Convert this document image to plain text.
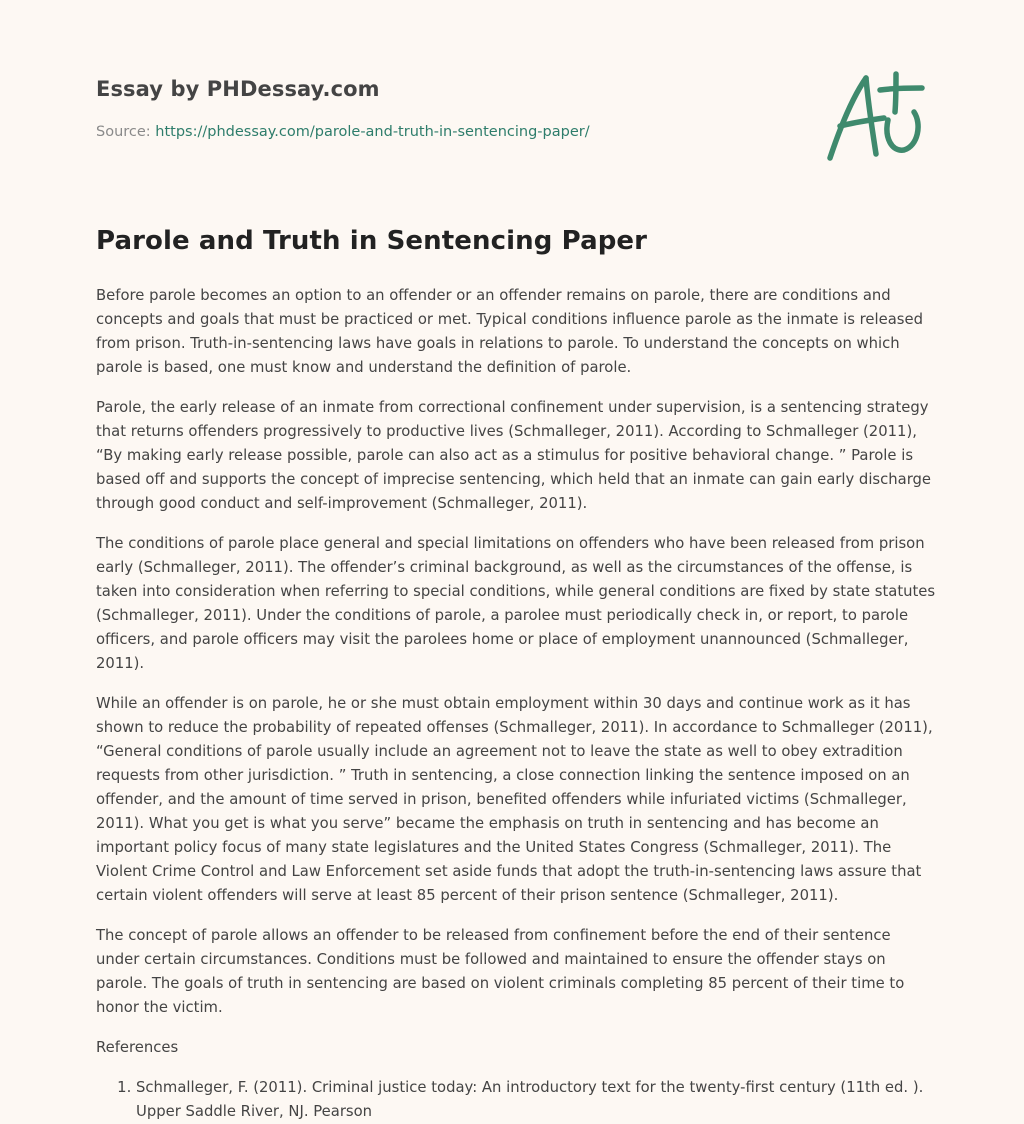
Essay by PHDessay.com
Source: https://phdessay.com/parole-and-truth-in-sentencing-paper/
A+
Parole and Truth in Sentencing Paper

Before parole becomes an option to an offender or an offender remains on parole, there are conditions and concepts and goals that must be practiced or met. Typical conditions influence parole as the inmate is released from prison. Truth-in-sentencing laws have goals in relations to parole. To understand the concepts on which parole is based, one must know and understand the definition of parole.

Parole, the early release of an inmate from correctional confinement under supervision, is a sentencing strategy that returns offenders progressively to productive lives (Schmalleger, 2011). According to Schmalleger (2011), “By making early release possible, parole can also act as a stimulus for positive behavioral change. ” Parole is based off and supports the concept of imprecise sentencing, which held that an inmate can gain early discharge through good conduct and self-improvement (Schmalleger, 2011).

The conditions of parole place general and special limitations on offenders who have been released from prison early (Schmalleger, 2011). The offender’s criminal background, as well as the circumstances of the offense, is taken into consideration when referring to special conditions, while general conditions are fixed by state statutes (Schmalleger, 2011). Under the conditions of parole, a parolee must periodically check in, or report, to parole officers, and parole officers may visit the parolees home or place of employment unannounced (Schmalleger, 2011).

While an offender is on parole, he or she must obtain employment within 30 days and continue work as it has shown to reduce the probability of repeated offenses (Schmalleger, 2011). In accordance to Schmalleger (2011), “General conditions of parole usually include an agreement not to leave the state as well to obey extradition requests from other jurisdiction. ” Truth in sentencing, a close connection linking the sentence imposed on an offender, and the amount of time served in prison, benefited offenders while infuriated victims (Schmalleger, 2011). What you get is what you serve” became the emphasis on truth in sentencing and has become an important policy focus of many state legislatures and the United States Congress (Schmalleger, 2011). The Violent Crime Control and Law Enforcement set aside funds that adopt the truth-in-sentencing laws assure that certain violent offenders will serve at least 85 percent of their prison sentence (Schmalleger, 2011).

The concept of parole allows an offender to be released from confinement before the end of their sentence under certain circumstances. Conditions must be followed and maintained to ensure the offender stays on parole. The goals of truth in sentencing are based on violent criminals completing 85 percent of their time to honor the victim.

References

1. Schmalleger, F. (2011). Criminal justice today: An introductory text for the twenty-first century (11th ed. ). Upper Saddle River, NJ. Pearson
